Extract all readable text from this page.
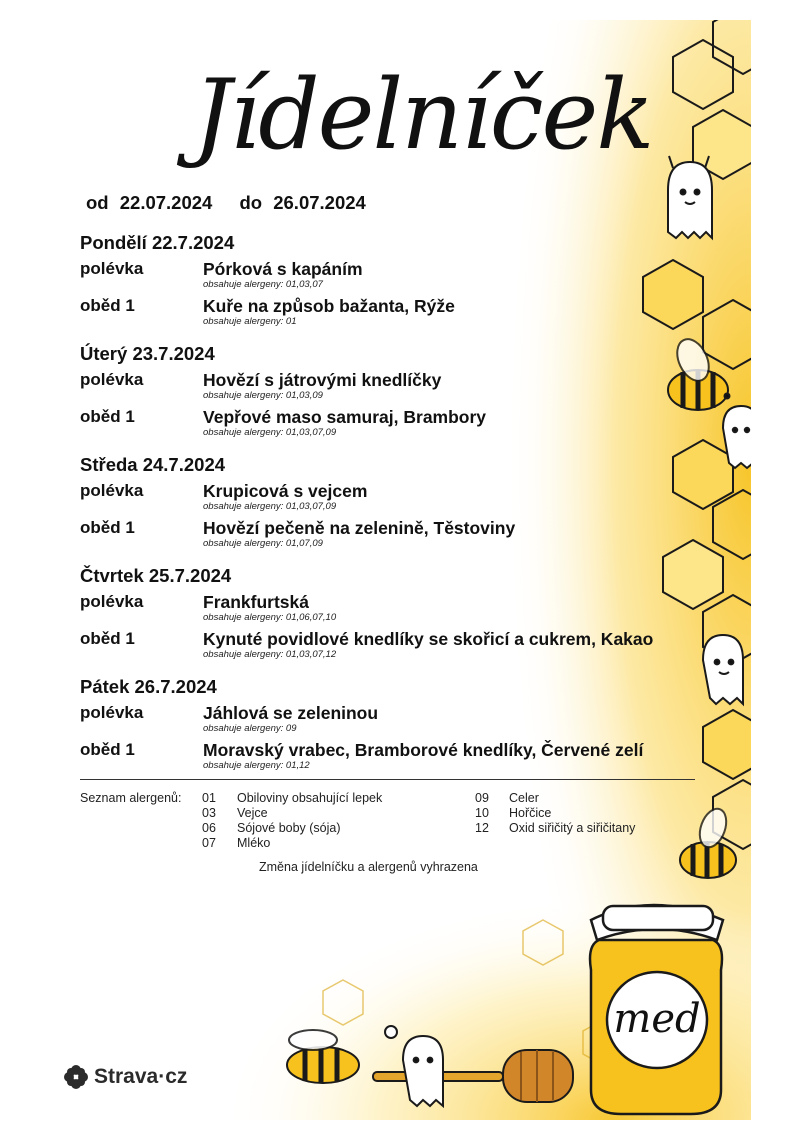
med
Jídelníček
od 22.07.2024 do 26.07.2024
Pondělí 22.7.2024
polévka	Pórková s kapáním
obsahuje alergeny: 01,03,07
oběd 1	Kuře na způsob bažanta, Rýže
obsahuje alergeny: 01
Úterý 23.7.2024
polévka	Hovězí s játrovými knedlíčky
obsahuje alergeny: 01,03,09
oběd 1	Vepřové maso samuraj, Brambory
obsahuje alergeny: 01,03,07,09
Středa 24.7.2024
polévka	Krupicová s vejcem
obsahuje alergeny: 01,03,07,09
oběd 1	Hovězí pečeně na zelenině, Těstoviny
obsahuje alergeny: 01,07,09
Čtvrtek 25.7.2024
polévka	Frankfurtská
obsahuje alergeny: 01,06,07,10
oběd 1	Kynuté povidlové knedlíky se skořicí a cukrem, Kakao
obsahuje alergeny: 01,03,07,12
Pátek 26.7.2024
polévka	Jáhlová se zeleninou
obsahuje alergeny: 09
oběd 1	Moravský vrabec, Bramborové knedlíky, Červené zelí
obsahuje alergeny: 01,12
Seznam alergenů: 01 Obiloviny obsahující lepek
03 Vejce
06 Sójové boby (sója)
07 Mléko
09 Celer
10 Hořčice
12 Oxid siřičitý a siřičitany
Změna jídelníčku a alergenů vyhrazena
Strava·cz
